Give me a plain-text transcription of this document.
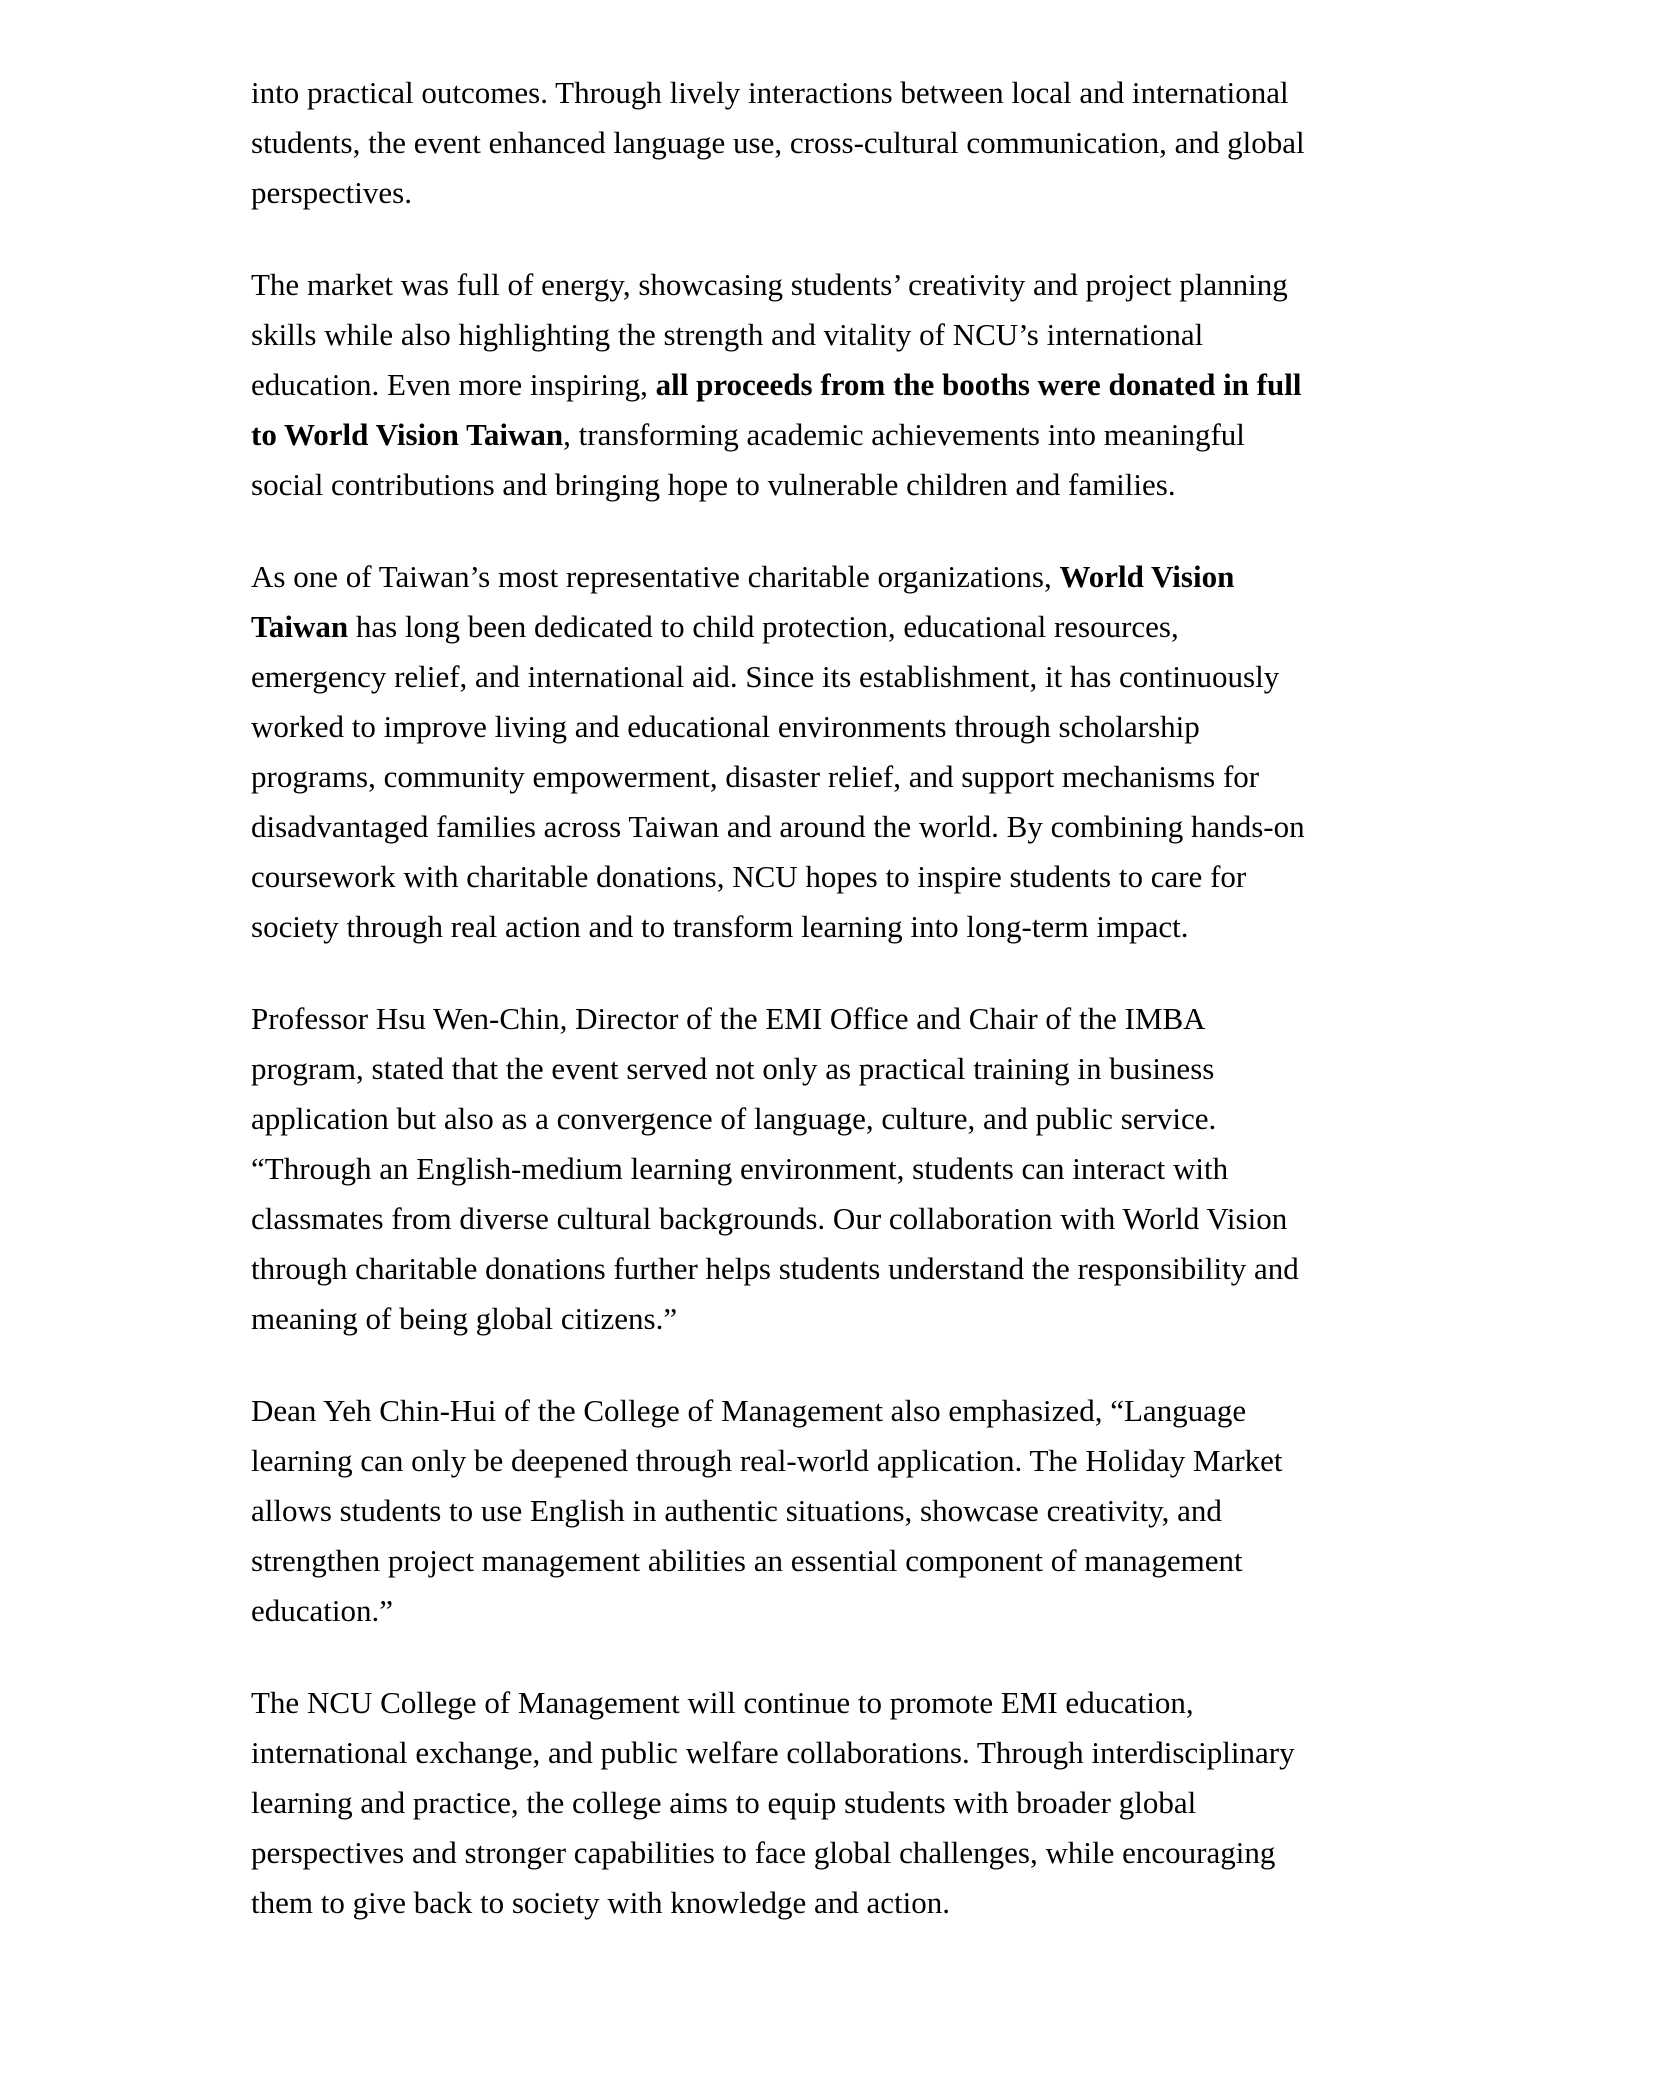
into practical outcomes. Through lively interactions between local and international
students, the event enhanced language use, cross-cultural communication, and global
perspectives.
The market was full of energy, showcasing students’ creativity and project planning
skills while also highlighting the strength and vitality of NCU’s international
education. Even more inspiring, all proceeds from the booths were donated in full
to World Vision Taiwan, transforming academic achievements into meaningful
social contributions and bringing hope to vulnerable children and families.
As one of Taiwan’s most representative charitable organizations, World Vision
Taiwan has long been dedicated to child protection, educational resources,
emergency relief, and international aid. Since its establishment, it has continuously
worked to improve living and educational environments through scholarship
programs, community empowerment, disaster relief, and support mechanisms for
disadvantaged families across Taiwan and around the world. By combining hands-on
coursework with charitable donations, NCU hopes to inspire students to care for
society through real action and to transform learning into long-term impact.
Professor Hsu Wen-Chin, Director of the EMI Office and Chair of the IMBA
program, stated that the event served not only as practical training in business
application but also as a convergence of language, culture, and public service.
“Through an English-medium learning environment, students can interact with
classmates from diverse cultural backgrounds. Our collaboration with World Vision
through charitable donations further helps students understand the responsibility and
meaning of being global citizens.”
Dean Yeh Chin-Hui of the College of Management also emphasized, “Language
learning can only be deepened through real-world application. The Holiday Market
allows students to use English in authentic situations, showcase creativity, and
strengthen project management abilities an essential component of management
education.”
The NCU College of Management will continue to promote EMI education,
international exchange, and public welfare collaborations. Through interdisciplinary
learning and practice, the college aims to equip students with broader global
perspectives and stronger capabilities to face global challenges, while encouraging
them to give back to society with knowledge and action.
